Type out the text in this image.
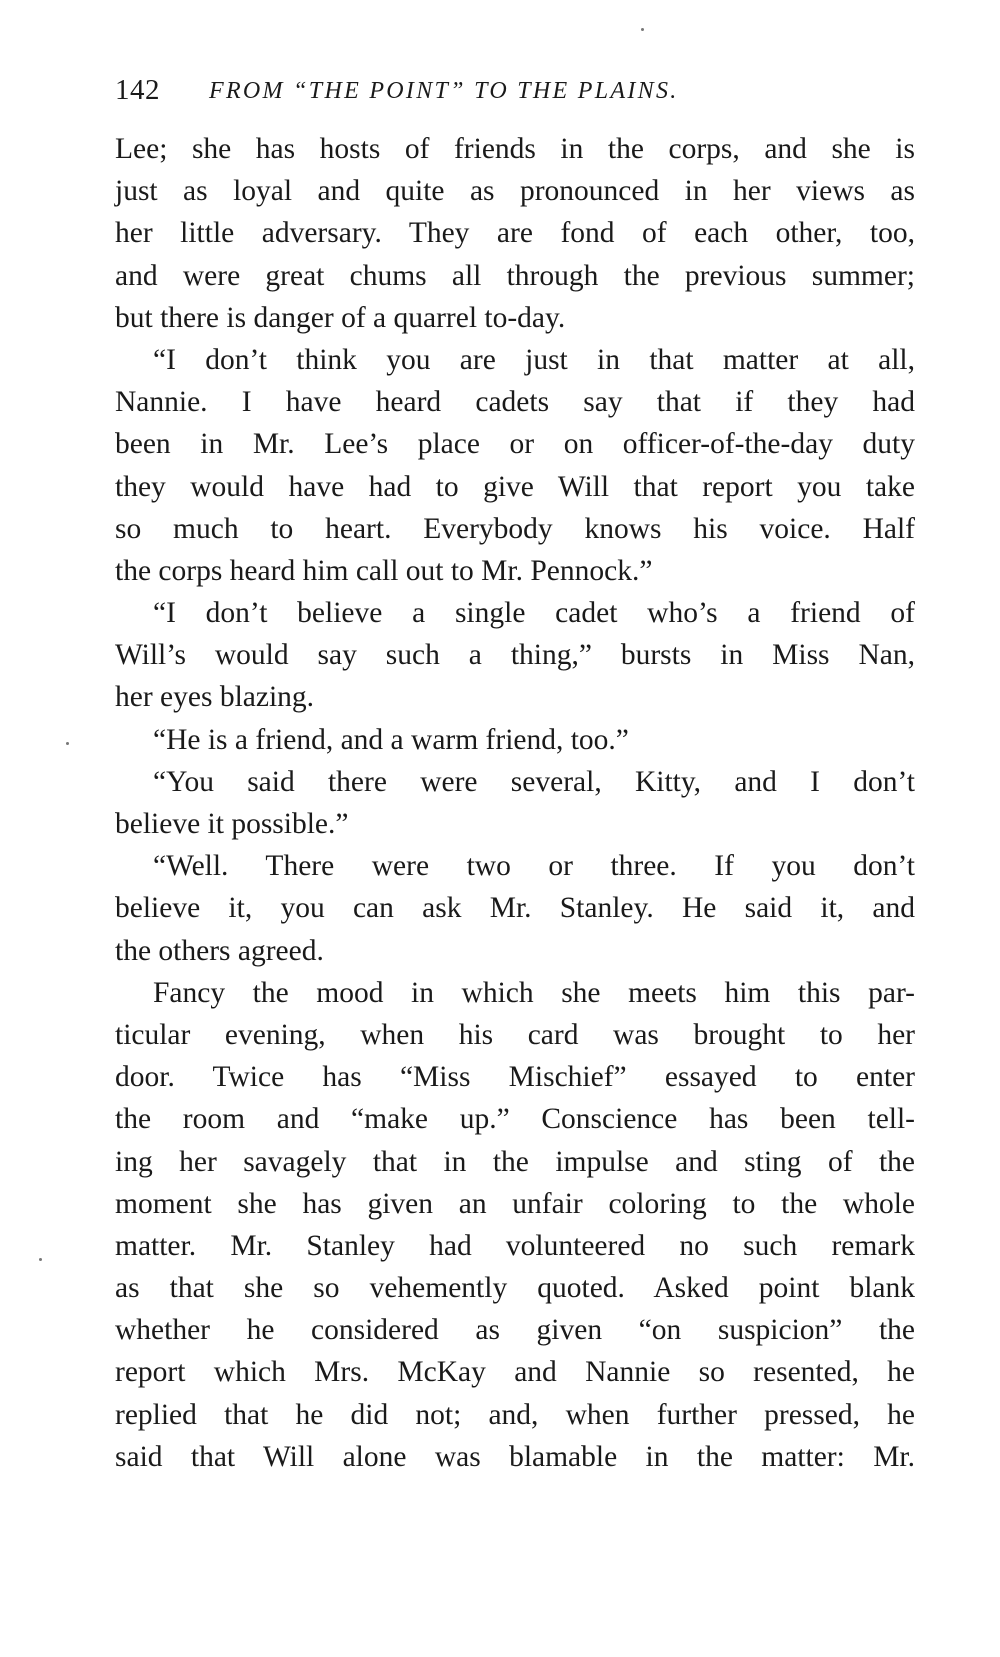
142 FROM “THE POINT” TO THE PLAINS.
Lee; she has hosts of friends in the corps, and she is
just as loyal and quite as pronounced in her views as
her little adversary. They are fond of each other, too,
and were great chums all through the previous summer;
but there is danger of a quarrel to-day.
“I don’t think you are just in that matter at all,
Nannie. I have heard cadets say that if they had
been in Mr. Lee’s place or on officer-of-the-day duty
they would have had to give Will that report you take
so much to heart. Everybody knows his voice. Half
the corps heard him call out to Mr. Pennock.”
“I don’t believe a single cadet who’s a friend of
Will’s would say such a thing,” bursts in Miss Nan,
her eyes blazing.
“He is a friend, and a warm friend, too.”
“You said there were several, Kitty, and I don’t
believe it possible.”
“Well. There were two or three. If you don’t
believe it, you can ask Mr. Stanley. He said it, and
the others agreed.
Fancy the mood in which she meets him this par-
ticular evening, when his card was brought to her
door. Twice has “Miss Mischief” essayed to enter
the room and “make up.” Conscience has been tell-
ing her savagely that in the impulse and sting of the
moment she has given an unfair coloring to the whole
matter. Mr. Stanley had volunteered no such remark
as that she so vehemently quoted. Asked point blank
whether he considered as given “on suspicion” the
report which Mrs. McKay and Nannie so resented, he
replied that he did not; and, when further pressed, he
said that Will alone was blamable in the matter: Mr.
